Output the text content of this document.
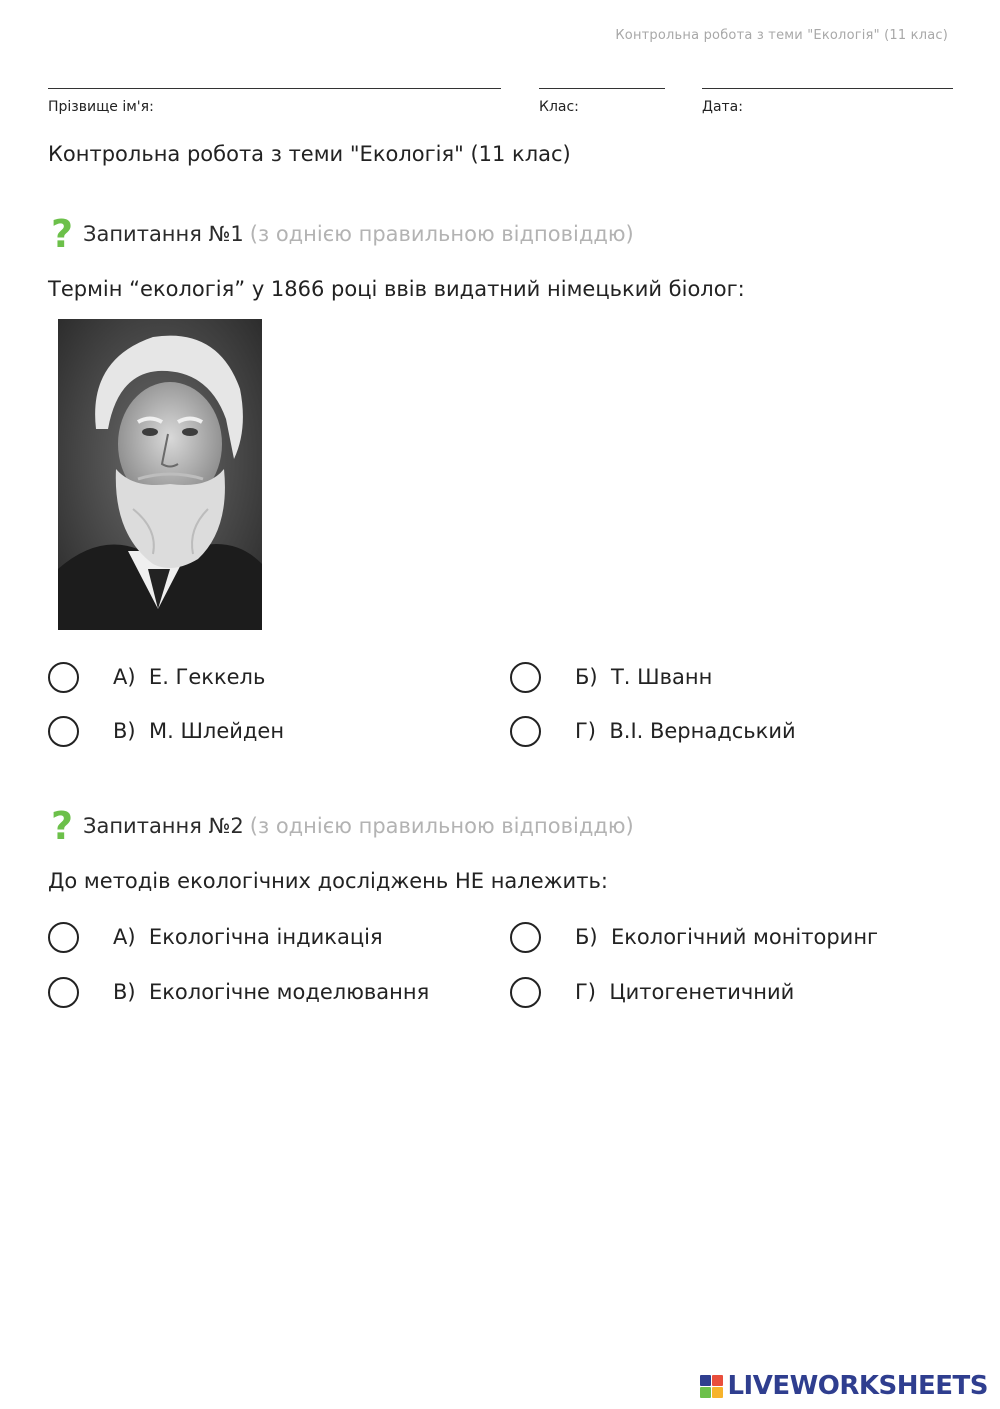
Контрольна робота з теми "Екологія" (11 клас)
Прізвище ім'я:	Клас:	Дата:
Контрольна робота з теми "Екологія" (11 клас)
? Запитання №1 (з однією правильною відповіддю)
Термін “екологія” у 1866 році ввів видатний німецький біолог:
А) Е. Геккель	Б) Т. Шванн
В) М. Шлейден	Г) В.І. Вернадський
? Запитання №2 (з однією правильною відповіддю)
До методів екологічних досліджень НЕ належить:
А) Екологічна індикація	Б) Екологічний моніторинг
В) Екологічне моделювання	Г) Цитогенетичний
LIVEWORKSHEETS
